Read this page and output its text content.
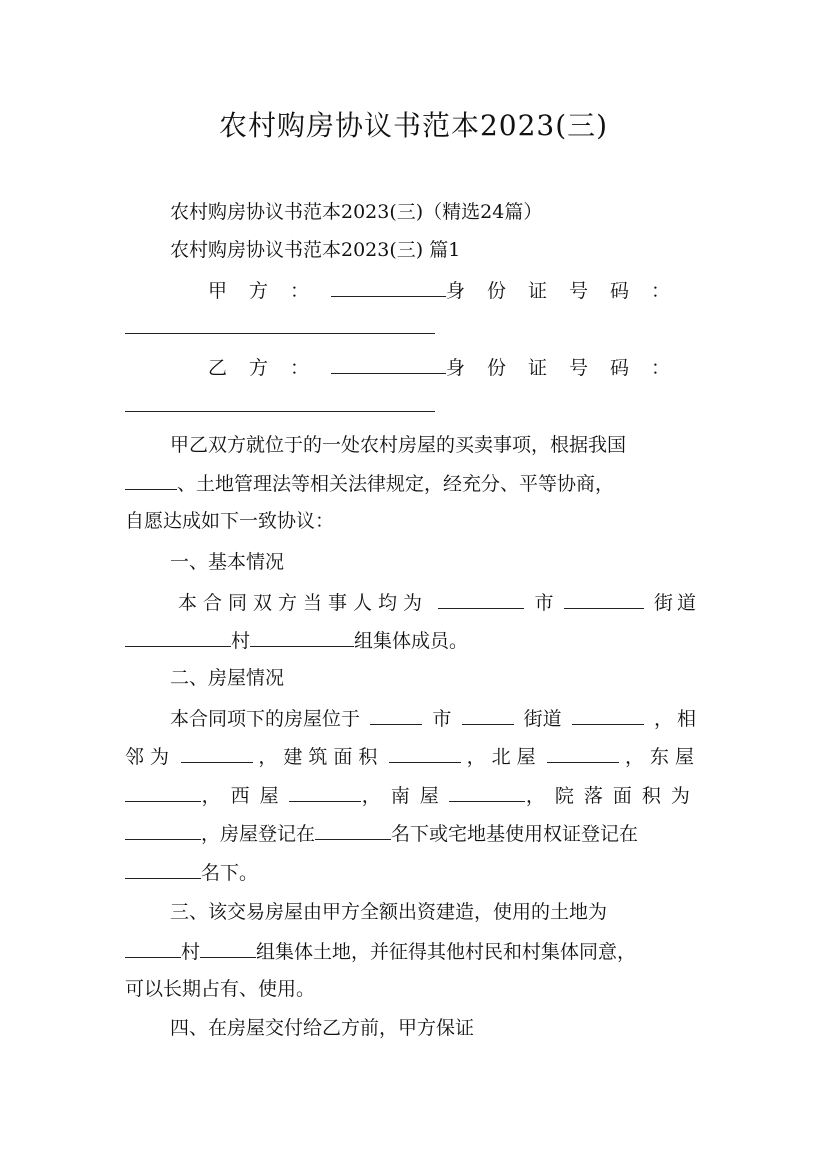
农村购房协议书范本2023(三)
农村购房协议书范本2023(三)（精选24篇）
农村购房协议书范本2023(三) 篇1
甲方：	身份证号码：
乙方：	身份证号码：
甲乙双方就位于的一处农村房屋的买卖事项，根据我国
、土地管理法等相关法律规定，经充分、平等协商，
自愿达成如下一致协议：
一、基本情况
本合同双方当事人均为	市	街道
村	组集体成员。
二、房屋情况
本合同项下的房屋位于	市	街道	，相
邻为	，建筑面积	，北屋	，东屋
，西屋	，南屋	，院落面积为
，房屋登记在	名下或宅地基使用权证登记在
名下。
三、该交易房屋由甲方全额出资建造，使用的土地为
村	组集体土地，并征得其他村民和村集体同意，
可以长期占有、使用。
四、在房屋交付给乙方前，甲方保证
